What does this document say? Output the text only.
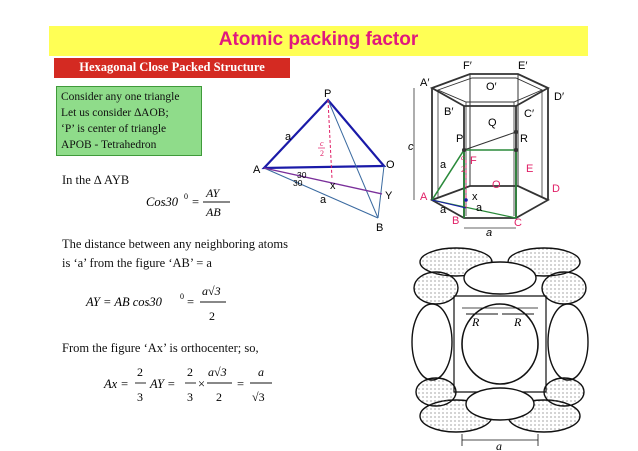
Atomic packing factor
Hexagonal Close Packed Structure
Consider any one triangle
Let us consider ∆AOB;
‘P’ is center of triangle
APOB - Tetrahedron
In the ∆ AYB
Cos30 0 =
AY
AB
The distance between any neighboring atoms
is ‘a’ from the figure ‘AB’ = a
AY = AB cos30 0 =
a√3
2
From the figure ‘Ax’ is orthocenter; so,
Ax =
2
3
AY =
2
3
×
a√3
2
=
a
√3
P
A	O
Y
B
x
a
a
c
2
30
30
F′	E′
A′	O′
D′
B′	C′
Q
P	R
c
a
c
2
F
E
O	D
A	x
a	a
B	C
a
R	R
a
